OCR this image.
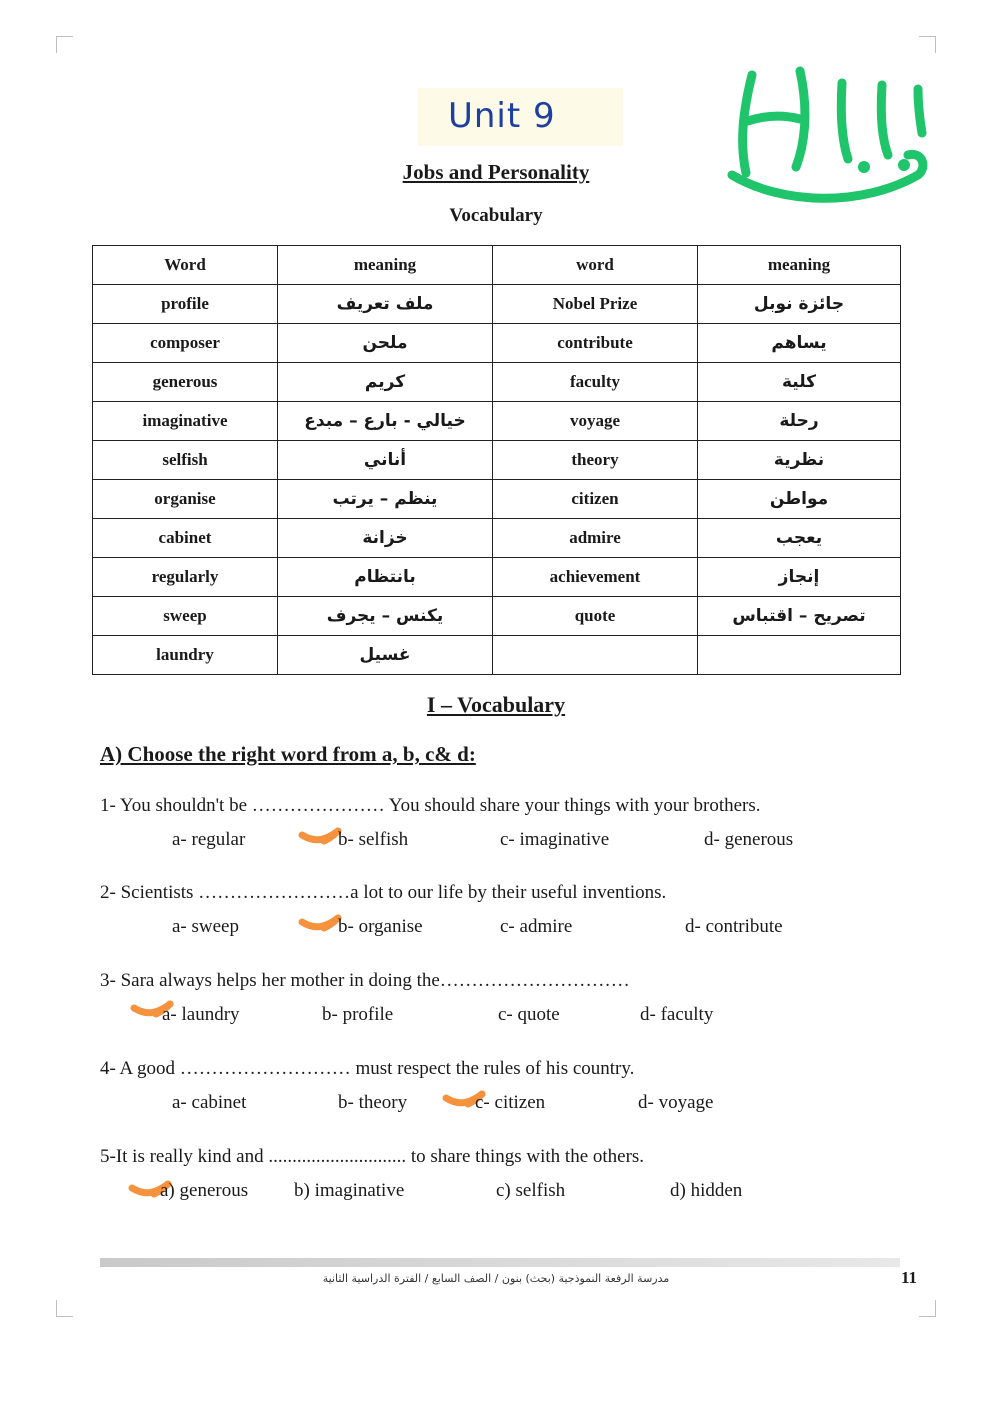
Unit 9
Jobs and Personality
Vocabulary
Word	meaning	word	meaning
profile	ملف تعريف	Nobel Prize	جائزة نوبل
composer	ملحن	contribute	يساهم
generous	كريم	faculty	كلية
imaginative	خيالي - بارع – مبدع	voyage	رحلة
selfish	أناني	theory	نظرية
organise	ينظم – يرتب	citizen	مواطن
cabinet	خزانة	admire	يعجب
regularly	بانتظام	achievement	إنجاز
sweep	يكنس – يجرف	quote	تصريح – اقتباس
laundry	غسيل		
I – Vocabulary
A) Choose the right word from a, b, c& d:
1- You shouldn't be ………………… You should share your things with your brothers.
a- regular	b- selfish	c- imaginative	d- generous
2- Scientists ……………………a lot to our life by their useful inventions.
a- sweep	b- organise	c- admire	d- contribute
3- Sara always helps her mother in doing the…………………………
a- laundry	b- profile	c- quote	d- faculty
4- A good ……………………… must respect the rules of his country.
a- cabinet	b- theory	c- citizen	d- voyage
5-It is really kind and ............................. to share things with the others.
a) generous b) imaginative	c) selfish	d) hidden
مدرسة الرفعة النموذجية (بحث) بنون / الصف السابع / الفترة الدراسية الثانية	11
